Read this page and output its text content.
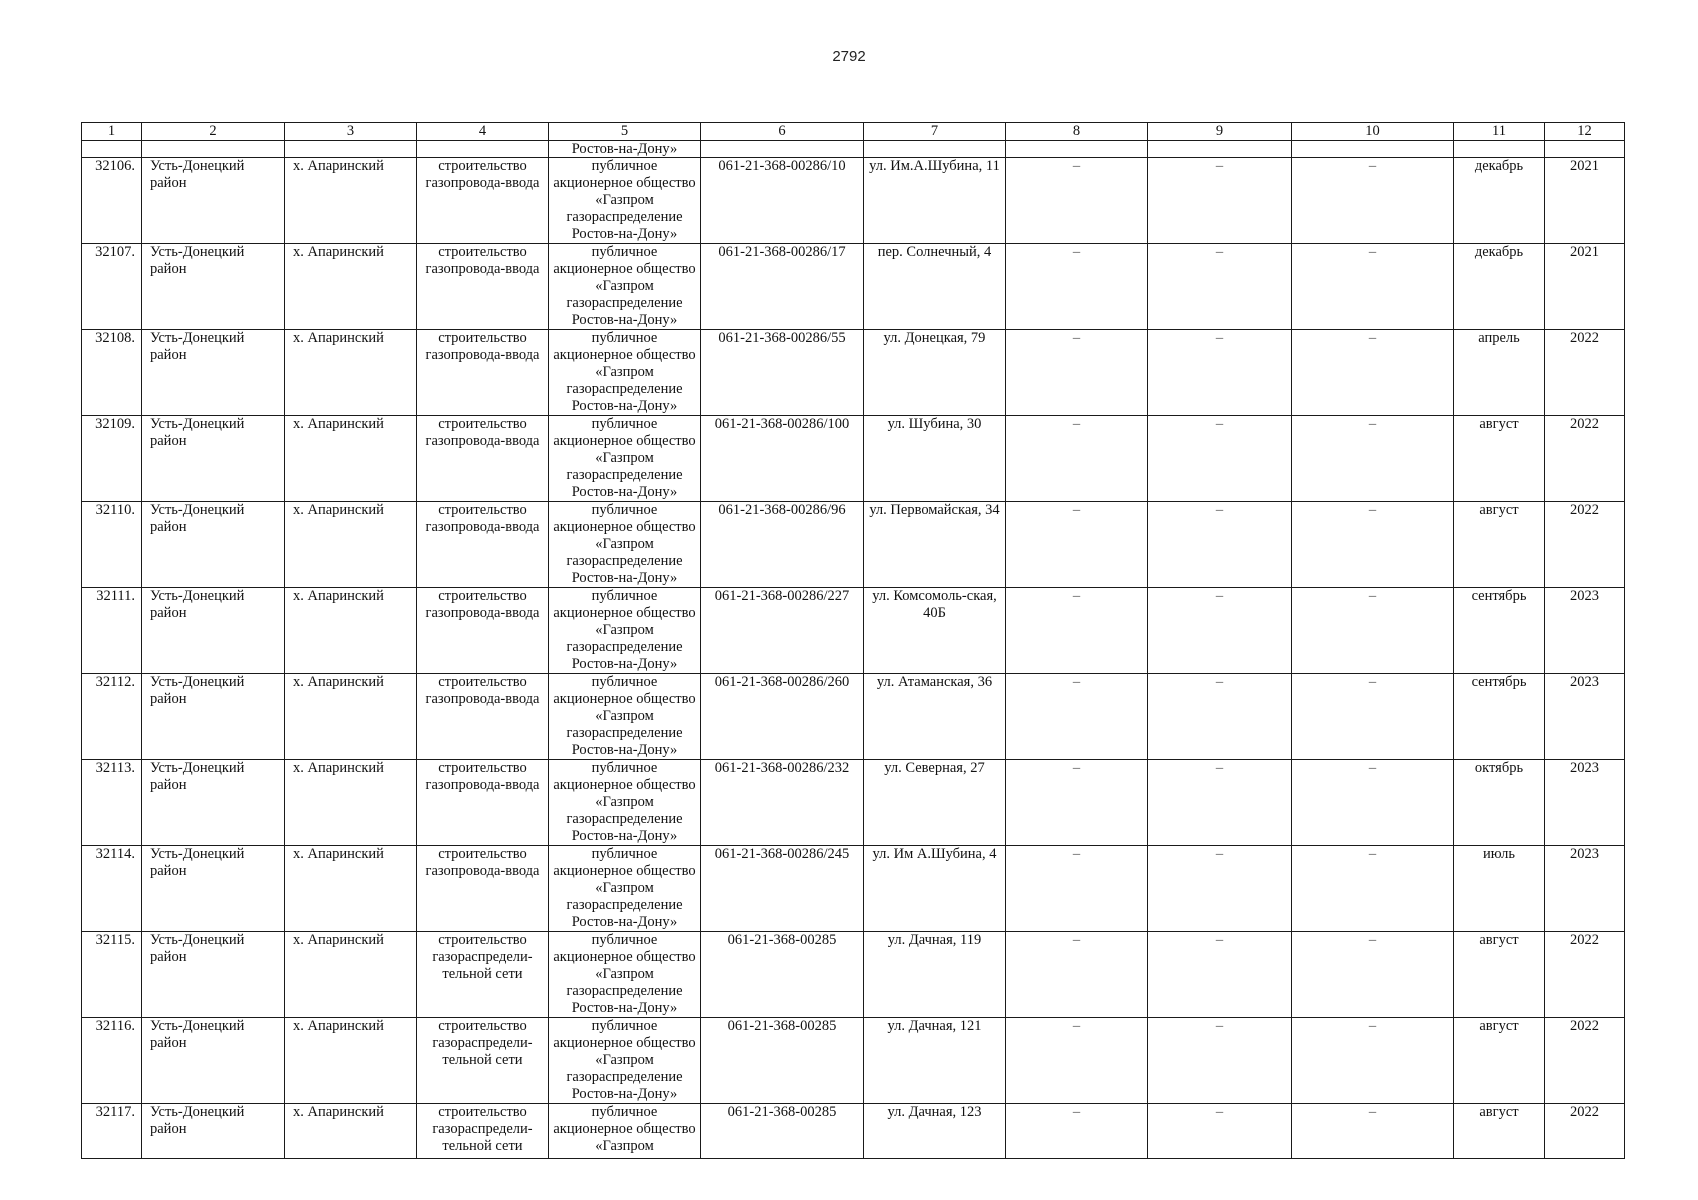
2792
1	2	3	4	5	6	7	8	9	10	11	12
				Ростов-на-Дону»							
32106.	Усть-Донецкий район	х. Апаринский	строительство газопровода-ввода	публичное акционерное общество «Газпром газораспределение Ростов-на-Дону»	061-21-368-00286/10	ул. Им.А.Шубина, 11	–	–	–	декабрь	2021
32107.	Усть-Донецкий район	х. Апаринский	строительство газопровода-ввода	публичное акционерное общество «Газпром газораспределение Ростов-на-Дону»	061-21-368-00286/17	пер. Солнечный, 4	–	–	–	декабрь	2021
32108.	Усть-Донецкий район	х. Апаринский	строительство газопровода-ввода	публичное акционерное общество «Газпром газораспределение Ростов-на-Дону»	061-21-368-00286/55	ул. Донецкая, 79	–	–	–	апрель	2022
32109.	Усть-Донецкий район	х. Апаринский	строительство газопровода-ввода	публичное акционерное общество «Газпром газораспределение Ростов-на-Дону»	061-21-368-00286/100	ул. Шубина, 30	–	–	–	август	2022
32110.	Усть-Донецкий район	х. Апаринский	строительство газопровода-ввода	публичное акционерное общество «Газпром газораспределение Ростов-на-Дону»	061-21-368-00286/96	ул. Первомайская, 34	–	–	–	август	2022
32111.	Усть-Донецкий район	х. Апаринский	строительство газопровода-ввода	публичное акционерное общество «Газпром газораспределение Ростов-на-Дону»	061-21-368-00286/227	ул. Комсомоль-ская, 40Б	–	–	–	сентябрь	2023
32112.	Усть-Донецкий район	х. Апаринский	строительство газопровода-ввода	публичное акционерное общество «Газпром газораспределение Ростов-на-Дону»	061-21-368-00286/260	ул. Атаманская, 36	–	–	–	сентябрь	2023
32113.	Усть-Донецкий район	х. Апаринский	строительство газопровода-ввода	публичное акционерное общество «Газпром газораспределение Ростов-на-Дону»	061-21-368-00286/232	ул. Северная, 27	–	–	–	октябрь	2023
32114.	Усть-Донецкий район	х. Апаринский	строительство газопровода-ввода	публичное акционерное общество «Газпром газораспределение Ростов-на-Дону»	061-21-368-00286/245	ул. Им А.Шубина, 4	–	–	–	июль	2023
32115.	Усть-Донецкий район	х. Апаринский	строительство газораспредели-тельной сети	публичное акционерное общество «Газпром газораспределение Ростов-на-Дону»	061-21-368-00285	ул. Дачная, 119	–	–	–	август	2022
32116.	Усть-Донецкий район	х. Апаринский	строительство газораспредели-тельной сети	публичное акционерное общество «Газпром газораспределение Ростов-на-Дону»	061-21-368-00285	ул. Дачная, 121	–	–	–	август	2022
32117.	Усть-Донецкий район	х. Апаринский	строительство газораспредели-тельной сети	публичное акционерное общество «Газпром	061-21-368-00285	ул. Дачная, 123	–	–	–	август	2022
